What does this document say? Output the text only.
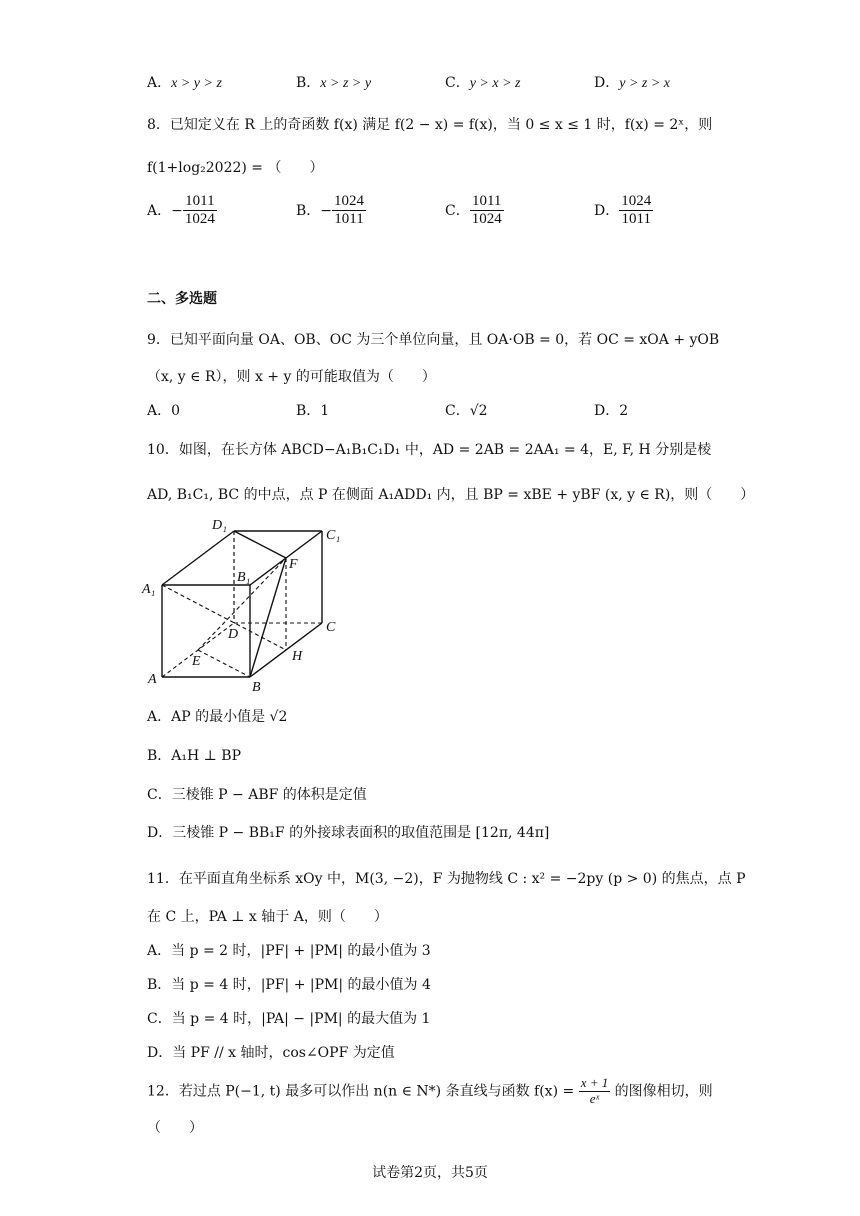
A．x > y > z	B．x > z > y	C．y > x > z	D．y > z > x
8．已知定义在 R 上的奇函数 f(x) 满足 f(2 − x) = f(x)，当 0 ≤ x ≤ 1 时，f(x) = 2ˣ，则
f(1+log₂2022) = （　　）
A．− $\frac{1011}{1024}$	B．− $\frac{1024}{1011}$	C． $\frac{1011}{1024}$	D． $\frac{1024}{1011}$
二、多选题
9．已知平面向量 OA、OB、OC 为三个单位向量，且 OA·OB = 0，若 OC = xOA + yOB
（x, y ∈ R），则 x + y 的可能取值为（　　）
A．0	B．1	C．√2	D．2
10．如图，在长方体 ABCD−A₁B₁C₁D₁ 中，AD = 2AB = 2AA₁ = 4，E, F, H 分别是棱
AD, B₁C₁, BC 的中点，点 P 在侧面 A₁ADD₁ 内，且 BP = xBE + yBF (x, y ∈ R)，则（　　）
D₁
C₁
A₁
B₁
F
D	C
E	H
A
B
A．AP 的最小值是 √2
B．A₁H ⊥ BP
C．三棱锥 P − ABF 的体积是定值
D．三棱锥 P − BB₁F 的外接球表面积的取值范围是 [12π, 44π]
11．在平面直角坐标系 xOy 中，M(3, −2)，F 为抛物线 C : x² = −2py (p > 0) 的焦点，点 P
在 C 上，PA ⊥ x 轴于 A，则（　　）
A．当 p = 2 时，|PF| + |PM| 的最小值为 3
B．当 p = 4 时，|PF| + |PM| 的最小值为 4
C．当 p = 4 时，|PA| − |PM| 的最大值为 1
D．当 PF // x 轴时，cos∠OPF 为定值
12．若过点 P(−1, t) 最多可以作出 n(n ∈ N*) 条直线与函数 $f(x) = \frac{x + 1}{\text{eˣ}}$ 的图像相切，则
（　　）
试卷第2页，共5页
